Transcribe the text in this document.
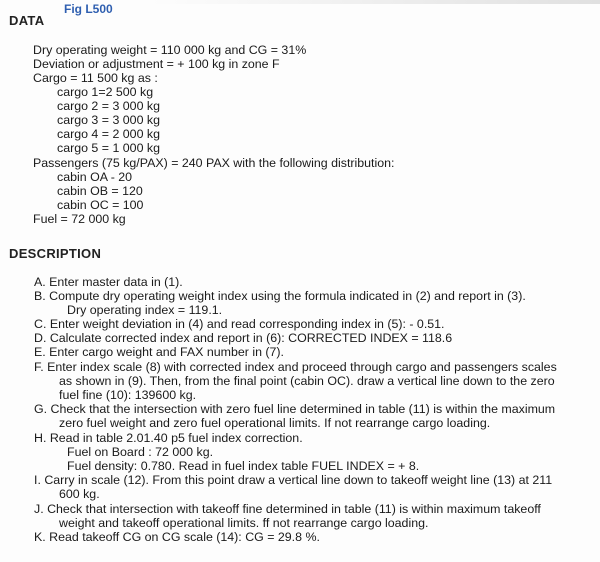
Fig L500
DATA
Dry operating weight = 110 000 kg and CG = 31%
Deviation or adjustment = + 100 kg in zone F
Cargo = 11 500 kg as :
cargo 1=2 500 kg
cargo 2 = 3 000 kg
cargo 3 = 3 000 kg
cargo 4 = 2 000 kg
cargo 5 = 1 000 kg
Passengers (75 kg/PAX) = 240 PAX with the following distribution:
cabin OA - 20
cabin OB = 120
cabin OC = 100
Fuel = 72 000 kg
DESCRIPTION
A. Enter master data in (1).
B. Compute dry operating weight index using the formula indicated in (2) and report in (3).
Dry operating index = 119.1.
C. Enter weight deviation in (4) and read corresponding index in (5): - 0.51.
D. Calculate corrected index and report in (6): CORRECTED INDEX = 118.6
E. Enter cargo weight and FAX number in (7).
F. Enter index scale (8) with corrected index and proceed through cargo and passengers scales
as shown in (9). Then, from the final point (cabin OC). draw a vertical line down to the zero
fuel fine (10): 139600 kg.
G. Check that the intersection with zero fuel line determined in table (11) is within the maximum
zero fuel weight and zero fuel operational limits. If not rearrange cargo loading.
H. Read in table 2.01.40 p5 fuel index correction.
Fuel on Board : 72 000 kg.
Fuel density: 0.780. Read in fuel index table FUEL INDEX = + 8.
I. Carry in scale (12). From this point draw a vertical line down to takeoff weight line (13) at 211
600 kg.
J. Check that intersection with takeoff fine determined in table (11) is within maximum takeoff
weight and takeoff operational limits. ff not rearrange cargo loading.
K. Read takeoff CG on CG scale (14): CG = 29.8 %.
